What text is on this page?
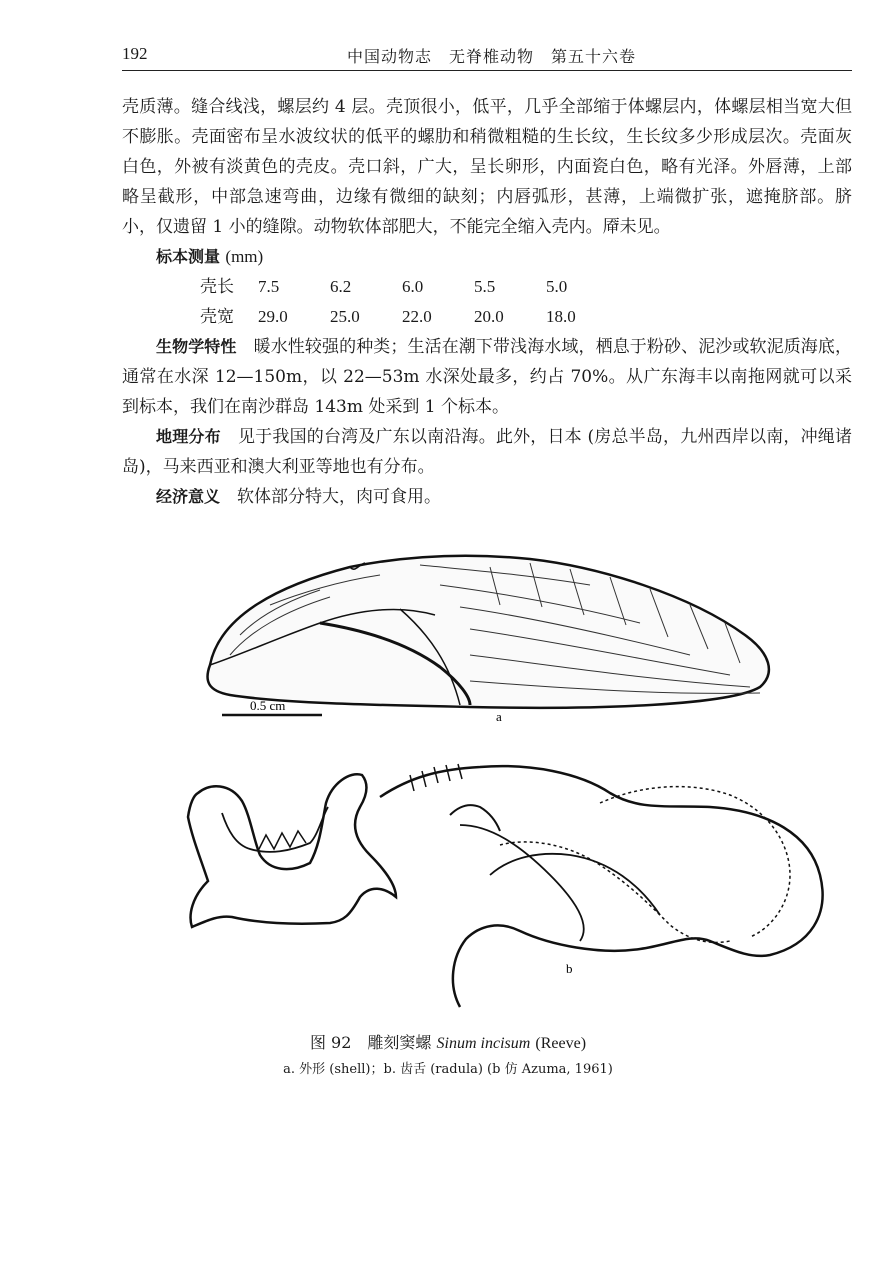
192	中国动物志　无脊椎动物　第五十六卷

壳质薄。缝合线浅，螺层约 4 层。壳顶很小，低平，几乎全部缩于体螺层内，体螺层相当宽大但不膨胀。壳面密布呈水波纹状的低平的螺肋和稍微粗糙的生长纹，生长纹多少形成层次。壳面灰白色，外被有淡黄色的壳皮。壳口斜，广大，呈长卵形，内面瓷白色，略有光泽。外唇薄，上部略呈截形，中部急速弯曲，边缘有微细的缺刻；内唇弧形，甚薄，上端微扩张，遮掩脐部。脐小，仅遗留 1 小的缝隙。动物软体部肥大，不能完全缩入壳内。厣未见。

标本测量 (mm)

壳长	7.5	6.2	6.0	5.5	5.0
壳宽	29.0	25.0	22.0	20.0	18.0

生物学特性　 暖水性较强的种类；生活在潮下带浅海水域，栖息于粉砂、泥沙或软泥质海底，通常在水深 12—150m，以 22—53m 水深处最多，约占 70%。从广东海丰以南拖网就可以采到标本，我们在南沙群岛 143m 处采到 1 个标本。

地理分布　 见于我国的台湾及广东以南沿海。此外，日本 (房总半岛，九州西岸以南，冲绳诸岛)，马来西亚和澳大利亚等地也有分布。

经济意义　 软体部分特大，肉可食用。

0.5 cm
a
b
图 92　雕刻窦螺 Sinum incisum (Reeve)
a. 外形 (shell)；b. 齿舌 (radula) (b 仿 Azuma, 1961)
